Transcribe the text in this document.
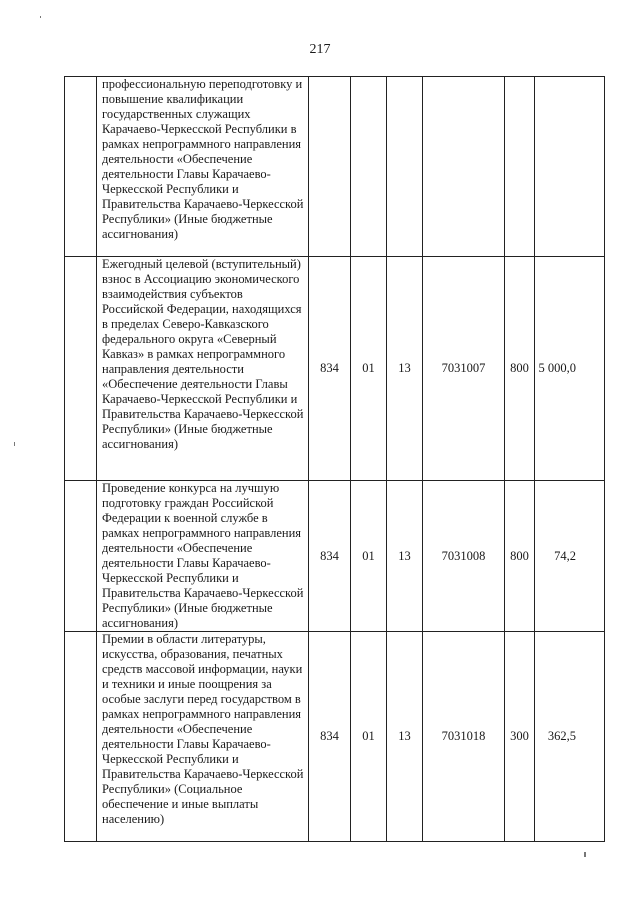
217
	профессиональную переподготовку и повышение квалификации государственных служащих Карачаево-Черкесской Республики в рамках непрограммного направления деятельности «Обеспечение деятельности Главы Карачаево-Черкесской Республики и Правительства Карачаево-Черкесской Республики» (Иные бюджетные ассигнования)						
	Ежегодный целевой (вступительный) взнос в Ассоциацию экономического взаимодействия субъектов Российской Федерации, находящихся в пределах Северо-Кавказского федерального округа «Северный Кавказ» в рамках непрограммного направления деятельности «Обеспечение деятельности Главы Карачаево-Черкесской Республики и Правительства Карачаево-Черкесской Республики» (Иные бюджетные ассигнования)	834	01	13	7031007	800	5 000,0
	Проведение конкурса на лучшую подготовку граждан Российской Федерации к военной службе в рамках непрограммного направления деятельности «Обеспечение деятельности Главы Карачаево-Черкесской Республики и Правительства Карачаево-Черкесской Республики» (Иные бюджетные ассигнования)	834	01	13	7031008	800	74,2
	Премии в области литературы, искусства, образования, печатных средств массовой информации, науки и техники и иные поощрения за особые заслуги перед государством в рамках непрограммного направления деятельности «Обеспечение деятельности Главы Карачаево-Черкесской Республики и Правительства Карачаево-Черкесской Республики» (Социальное обеспечение и иные выплаты населению)	834	01	13	7031018	300	362,5
